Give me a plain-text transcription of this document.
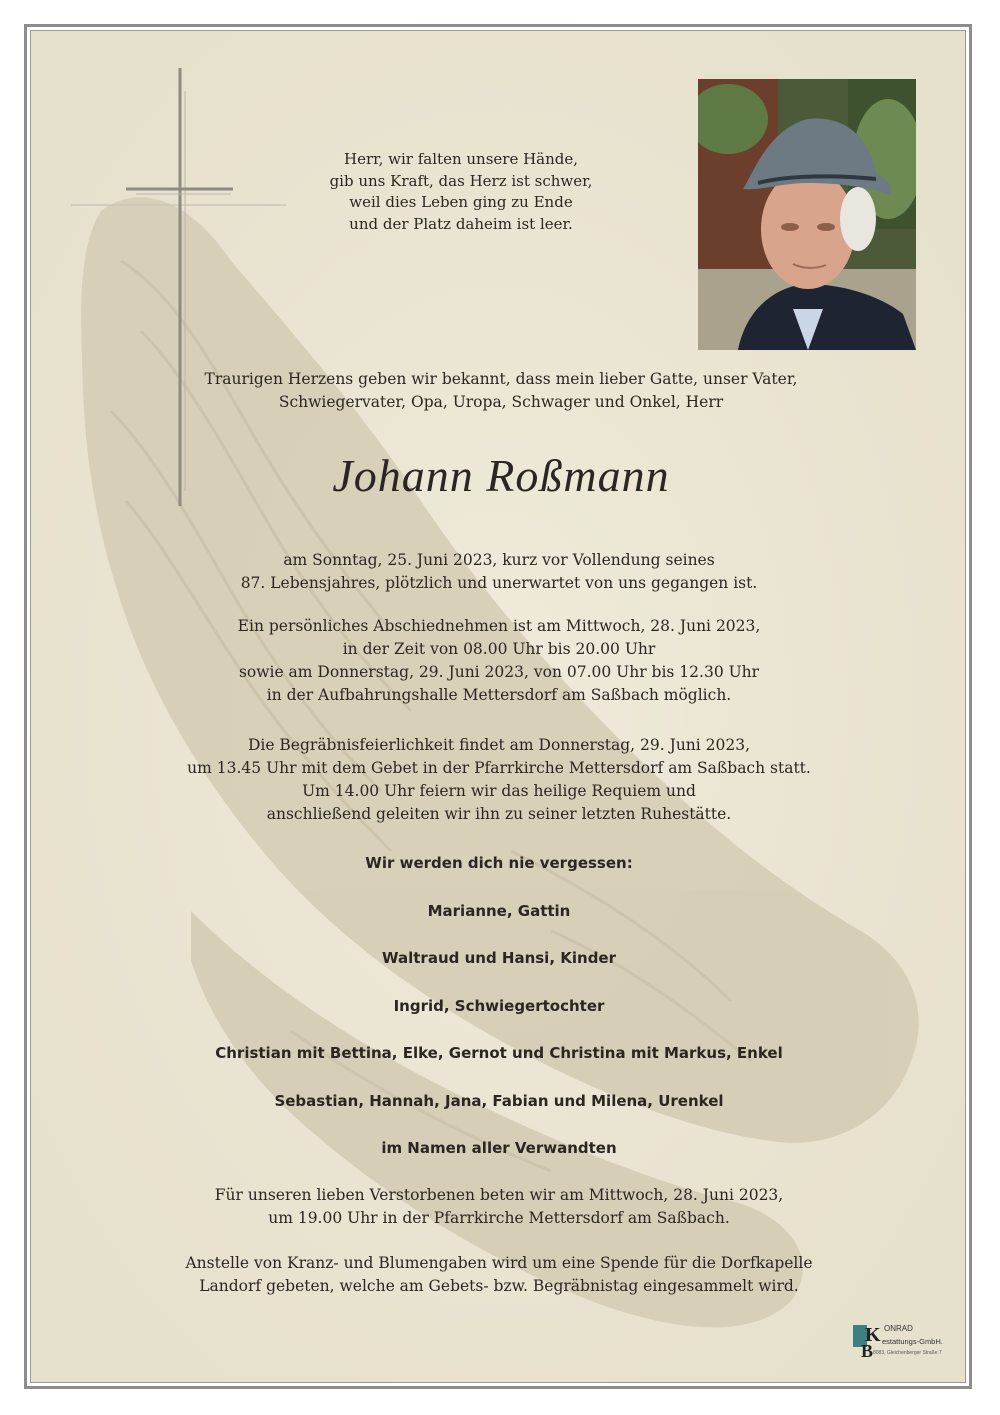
Herr, wir falten unsere Hände,
gib uns Kraft, das Herz ist schwer,
weil dies Leben ging zu Ende
und der Platz daheim ist leer.
Traurigen Herzens geben wir bekannt, dass mein lieber Gatte, unser Vater,
Schwiegervater, Opa, Uropa, Schwager und Onkel, Herr
Johann Roßmann
am Sonntag, 25. Juni 2023, kurz vor Vollendung seines
87. Lebensjahres, plötzlich und unerwartet von uns gegangen ist.
Ein persönliches Abschiednehmen ist am Mittwoch, 28. Juni 2023,
in der Zeit von 08.00 Uhr bis 20.00 Uhr
sowie am Donnerstag, 29. Juni 2023, von 07.00 Uhr bis 12.30 Uhr
in der Aufbahrungshalle Mettersdorf am Saßbach möglich.
Die Begräbnisfeierlichkeit findet am Donnerstag, 29. Juni 2023,
um 13.45 Uhr mit dem Gebet in der Pfarrkirche Mettersdorf am Saßbach statt.
Um 14.00 Uhr feiern wir das heilige Requiem und
anschließend geleiten wir ihn zu seiner letzten Ruhestätte.
Wir werden dich nie vergessen:
Marianne, Gattin
Waltraud und Hansi, Kinder
Ingrid, Schwiegertochter
Christian mit Bettina, Elke, Gernot und Christina mit Markus, Enkel
Sebastian, Hannah, Jana, Fabian und Milena, Urenkel
im Namen aller Verwandten
Für unseren lieben Verstorbenen beten wir am Mittwoch, 28. Juni 2023,
um 19.00 Uhr in der Pfarrkirche Mettersdorf am Saßbach.
Anstelle von Kranz- und Blumengaben wird um eine Spende für die Dorfkapelle
Landorf gebeten, welche am Gebets- bzw. Begräbnistag eingesammelt wird.
K
B
ONRAD
estattungs-GmbH.
8083, Gleichenberger Straße 7
